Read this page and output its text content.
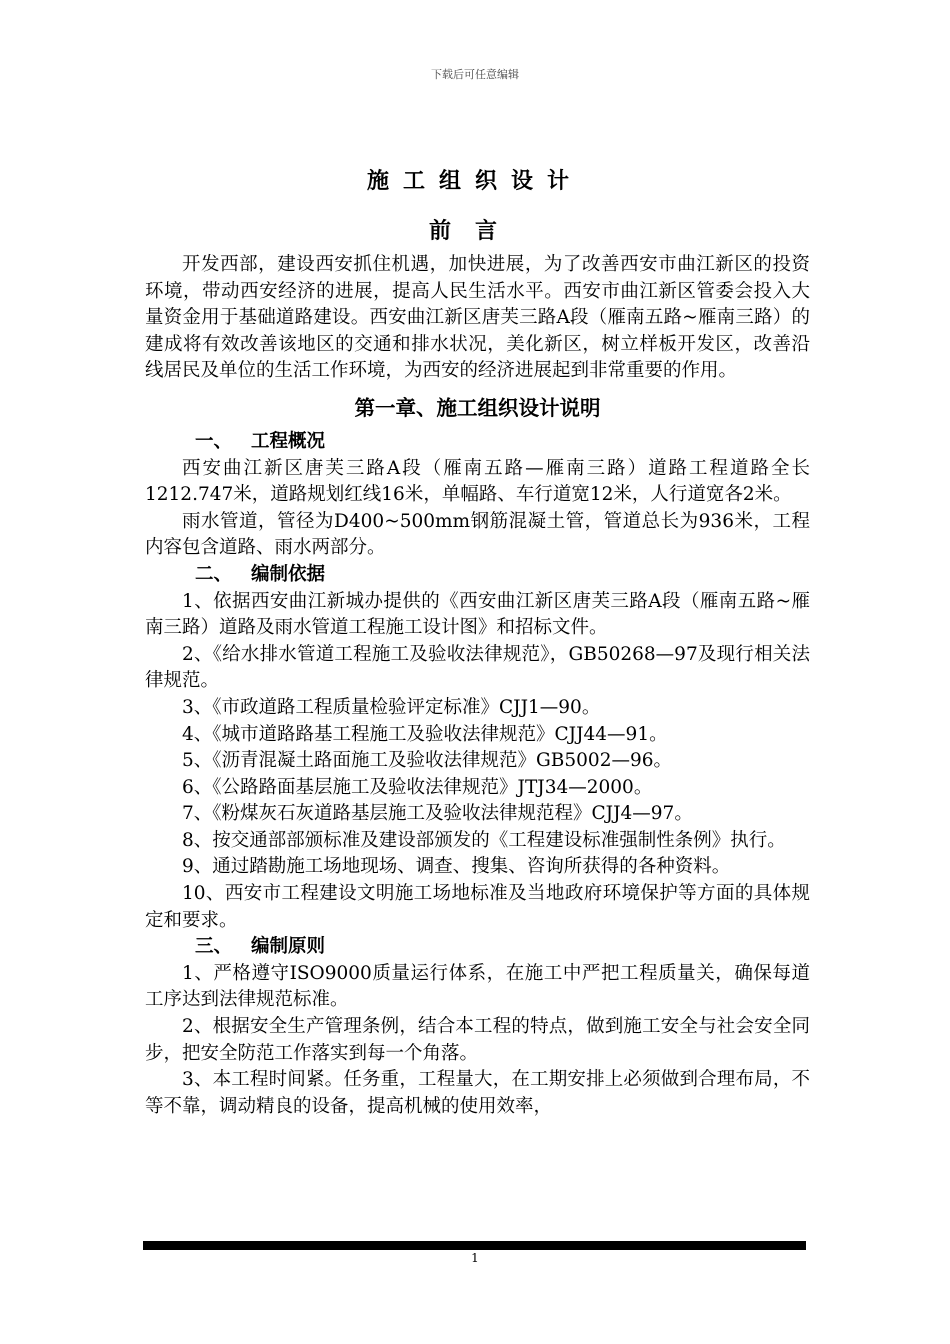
下载后可任意编辑
施工组织设计
前言

开发西部，建设西安抓住机遇，加快进展，为了改善西安市曲江新区的投资环境，带动西安经济的进展，提高人民生活水平。西安市曲江新区管委会投入大量资金用于基础道路建设。西安曲江新区唐芙三路A段（雁南五路~雁南三路）的建成将有效改善该地区的交通和排水状况，美化新区，树立样板开发区，改善沿线居民及单位的生活工作环境，为西安的经济进展起到非常重要的作用。

第一章、施工组织设计说明
一、 工程概况

西安曲江新区唐芙三路A段（雁南五路—雁南三路）道路工程道路全长1212.747米，道路规划红线16米，单幅路、车行道宽12米，人行道宽各2米。

雨水管道，管径为D400~500mm钢筋混凝土管，管道总长为936米，工程内容包含道路、雨水两部分。

二、 编制依据

1、依据西安曲江新城办提供的《西安曲江新区唐芙三路A段（雁南五路~雁南三路）道路及雨水管道工程施工设计图》和招标文件。

2、《给水排水管道工程施工及验收法律规范》，GB50268—97及现行相关法律规范。

3、《市政道路工程质量检验评定标准》CJJ1—90。

4、《城市道路路基工程施工及验收法律规范》CJJ44—91。

5、《沥青混凝土路面施工及验收法律规范》GB5002—96。

6、《公路路面基层施工及验收法律规范》JTJ34—2000。

7、《粉煤灰石灰道路基层施工及验收法律规范程》CJJ4—97。

8、按交通部部颁标准及建设部颁发的《工程建设标准强制性条例》执行。

9、通过踏勘施工场地现场、调查、搜集、咨询所获得的各种资料。

10、西安市工程建设文明施工场地标准及当地政府环境保护等方面的具体规定和要求。

三、 编制原则

1、严格遵守ISO9000质量运行体系，在施工中严把工程质量关，确保每道工序达到法律规范标准。

2、根据安全生产管理条例，结合本工程的特点，做到施工安全与社会安全同步，把安全防范工作落实到每一个角落。

3、本工程时间紧。任务重，工程量大，在工期安排上必须做到合理布局，不等不靠，调动精良的设备，提高机械的使用效率，

1
